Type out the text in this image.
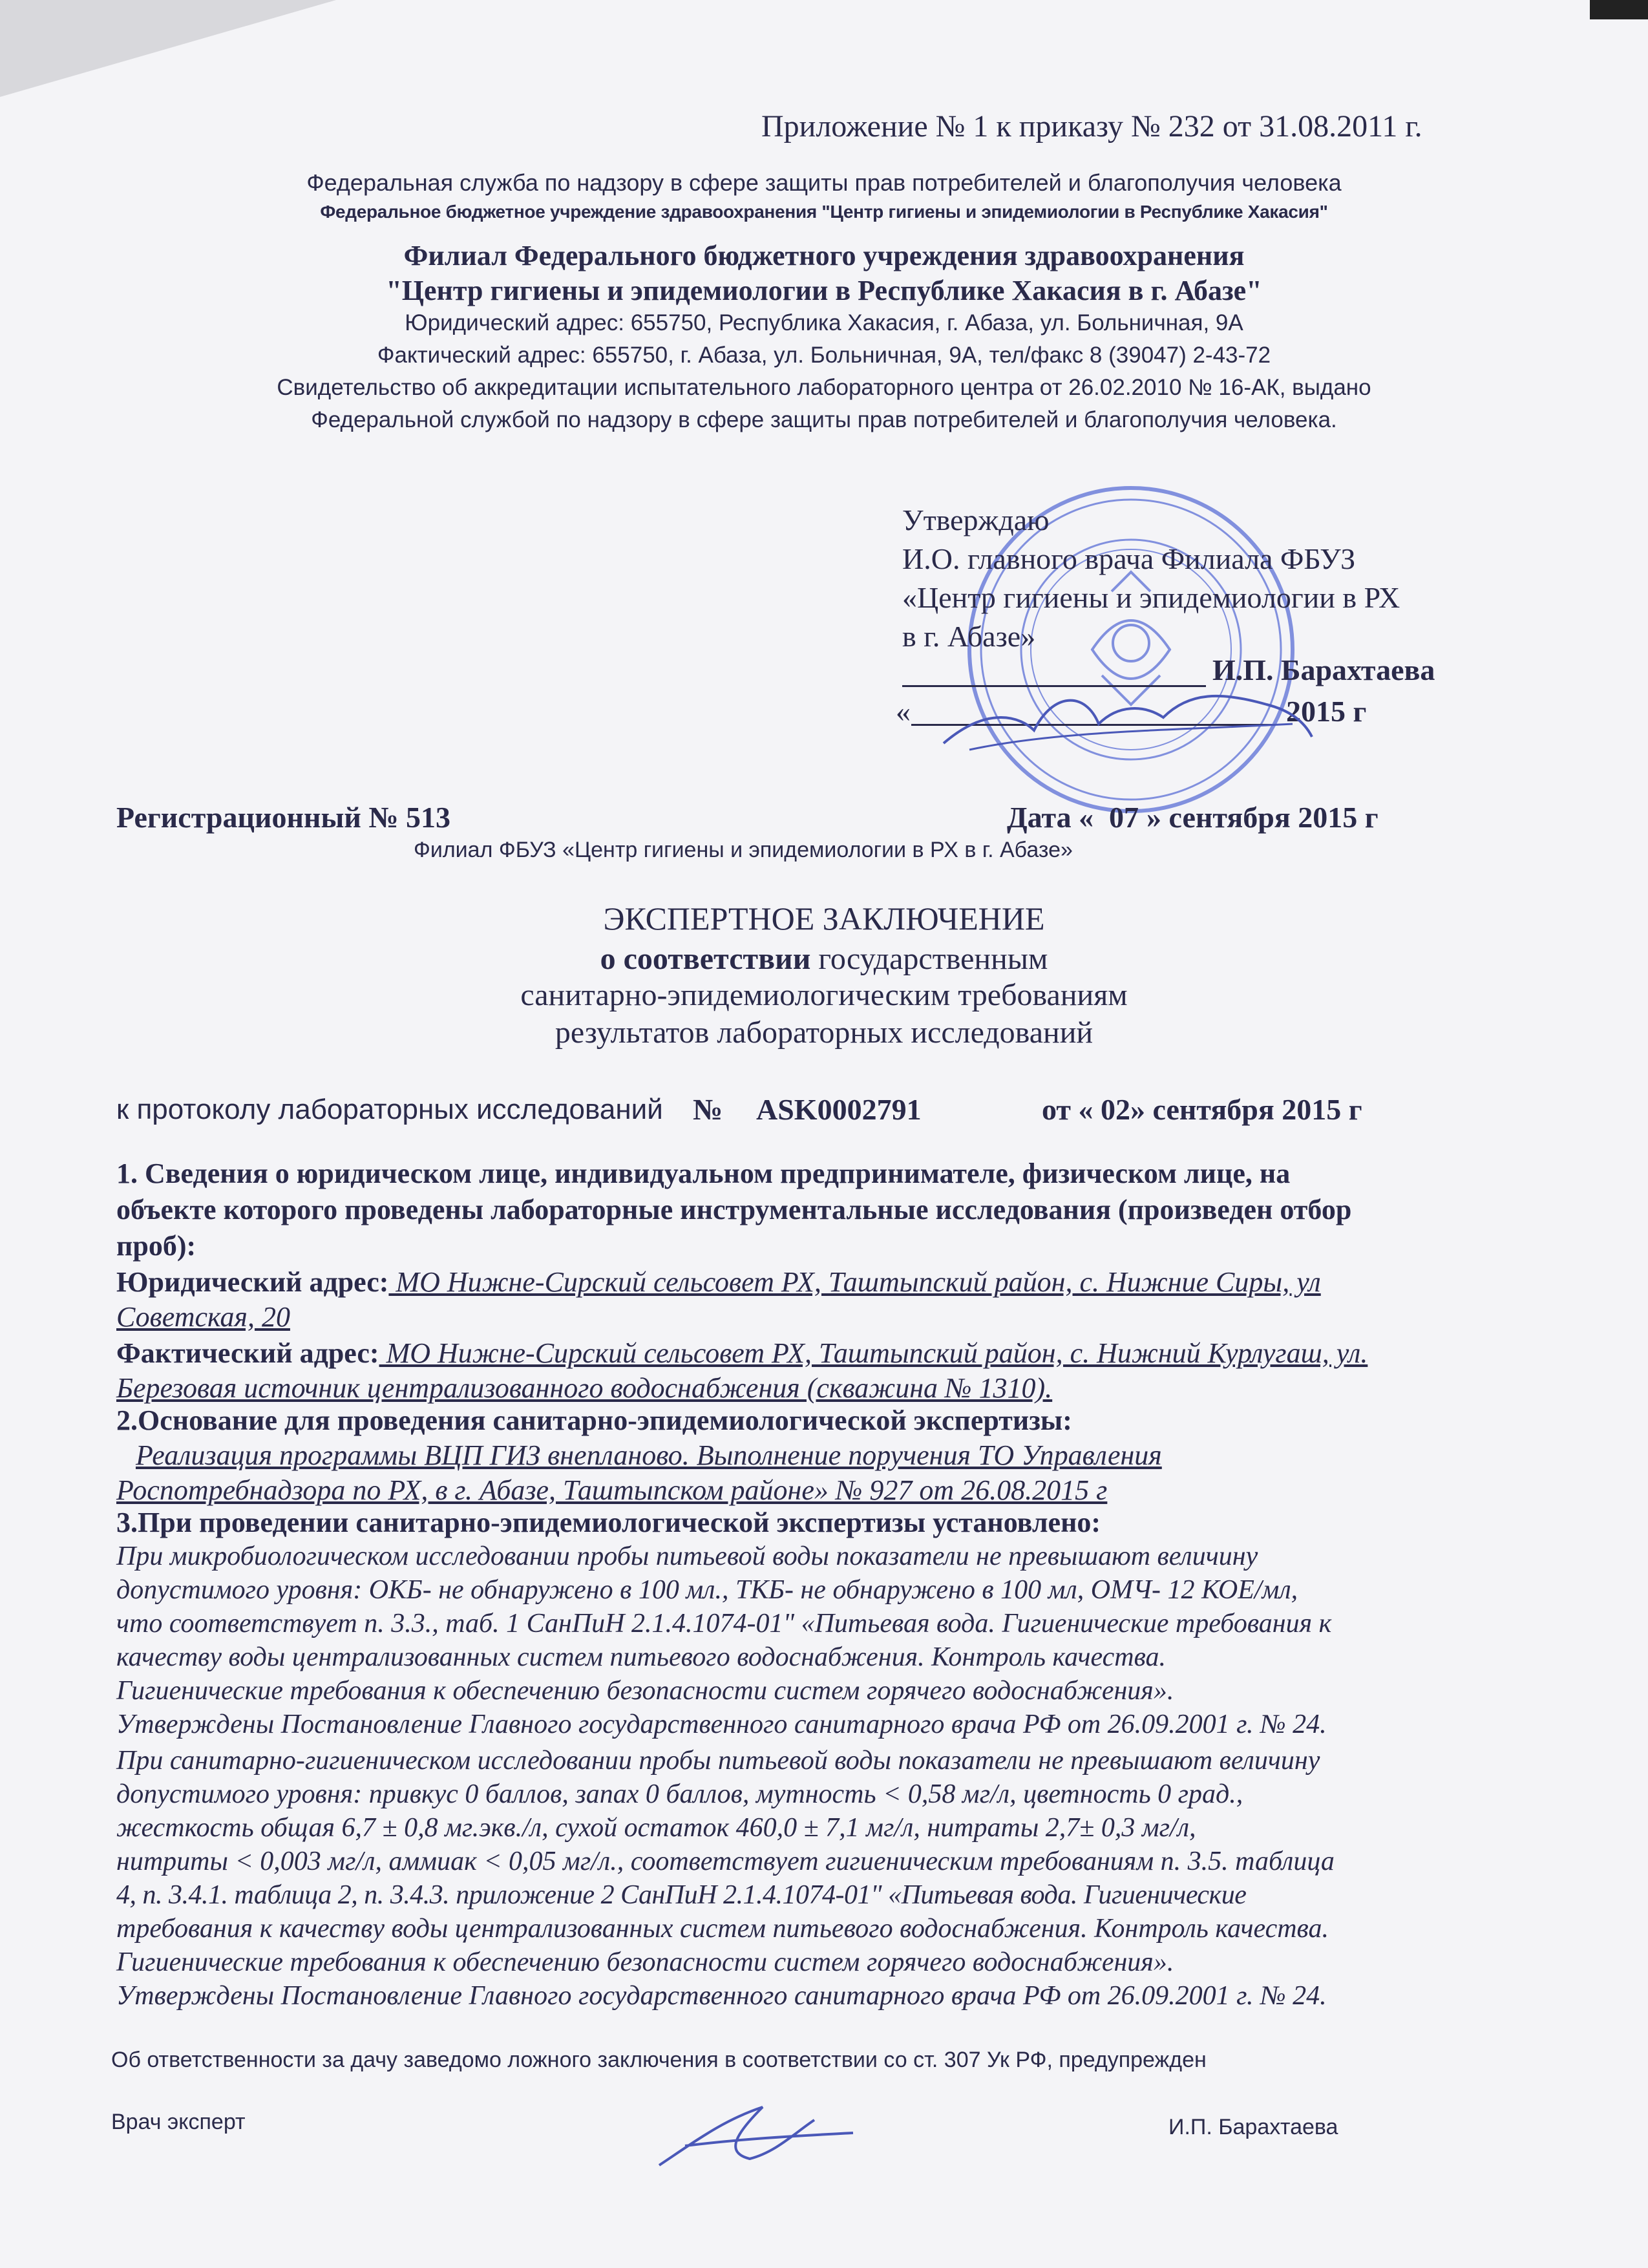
Приложение № 1 к приказу № 232 от 31.08.2011 г.
Федеральная служба по надзору в сфере защиты прав потребителей и благополучия человека
Федеральное бюджетное учреждение здравоохранения "Центр гигиены и эпидемиологии в Республике Хакасия"
Филиал Федерального бюджетного учреждения здравоохранения
"Центр гигиены и эпидемиологии в Республике Хакасия в г. Абазе"
Юридический адрес: 655750, Республика Хакасия, г. Абаза, ул. Больничная, 9А
Фактический адрес: 655750, г. Абаза, ул. Больничная, 9А, тел/факс 8 (39047) 2-43-72
Свидетельство об аккредитации испытательного лабораторного центра от 26.02.2010 № 16-АК, выдано
Федеральной службой по надзору в сфере защиты прав потребителей и благополучия человека.
Утверждаю
И.О. главного врача Филиала ФБУЗ
«Центр гигиены и эпидемиологии в РХ
в г. Абазе»
И.П. Барахтаева
«	2015 г
Регистрационный № 513	Дата « 07 » сентября 2015 г
Филиал ФБУЗ «Центр гигиены и эпидемиологии в РХ в г. Абазе»
ЭКСПЕРТНОЕ ЗАКЛЮЧЕНИЕ
о соответствии государственным
санитарно-эпидемиологическим требованиям
результатов лабораторных исследований
к протоколу лабораторных исследований № ASK0002791	от « 02» сентября 2015 г
1. Сведения о юридическом лице, индивидуальном предпринимателе, физическом лице, на
объекте которого проведены лабораторные инструментальные исследования (произведен отбор
проб):
Юридический адрес: МО Нижне-Сирский сельсовет РХ, Таштыпский район, с. Нижние Сиры, ул
Советская, 20
Фактический адрес: МО Нижне-Сирский сельсовет РХ, Таштыпский район, с. Нижний Курлугаш, ул.
Березовая источник централизованного водоснабжения (скважина № 1310).
2.Основание для проведения санитарно-эпидемиологической экспертизы:
Реализация программы ВЦП ГИЗ внепланово. Выполнение поручения ТО Управления
Роспотребнадзора по РХ, в г. Абазе, Таштыпском районе» № 927 от 26.08.2015 г
3.При проведении санитарно-эпидемиологической экспертизы установлено:
При микробиологическом исследовании пробы питьевой воды показатели не превышают величину
допустимого уровня: ОКБ- не обнаружено в 100 мл., ТКБ- не обнаружено в 100 мл, ОМЧ- 12 КОЕ/мл,
что соответствует п. 3.3., таб. 1 СанПиН 2.1.4.1074-01" «Питьевая вода. Гигиенические требования к
качеству воды централизованных систем питьевого водоснабжения. Контроль качества.
Гигиенические требования к обеспечению безопасности систем горячего водоснабжения».
Утверждены Постановление Главного государственного санитарного врача РФ от 26.09.2001 г. № 24.
При санитарно-гигиеническом исследовании пробы питьевой воды показатели не превышают величину
допустимого уровня: привкус 0 баллов, запах 0 баллов, мутность < 0,58 мг/л, цветность 0 град.,
жесткость общая 6,7 ± 0,8 мг.экв./л, сухой остаток 460,0 ± 7,1 мг/л, нитраты 2,7± 0,3 мг/л,
нитриты < 0,003 мг/л, аммиак < 0,05 мг/л., соответствует гигиеническим требованиям п. 3.5. таблица
4, п. 3.4.1. таблица 2, п. 3.4.3. приложение 2 СанПиН 2.1.4.1074-01" «Питьевая вода. Гигиенические
требования к качеству воды централизованных систем питьевого водоснабжения. Контроль качества.
Гигиенические требования к обеспечению безопасности систем горячего водоснабжения».
Утверждены Постановление Главного государственного санитарного врача РФ от 26.09.2001 г. № 24.
Об ответственности за дачу заведомо ложного заключения в соответствии со ст. 307 Ук РФ, предупрежден
Врач эксперт	И.П. Барахтаева
